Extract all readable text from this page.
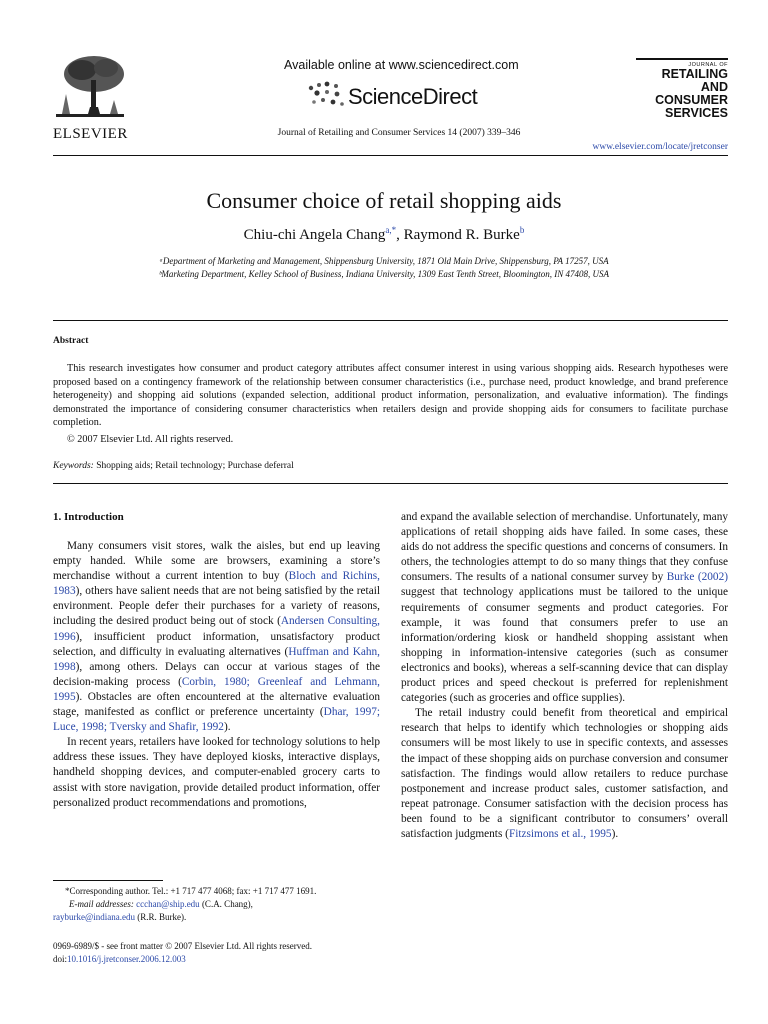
ELSEVIER
Available online at www.sciencedirect.com
ScienceDirect
Journal of Retailing and Consumer Services 14 (2007) 339–346
JOURNAL OF
RETAILING
AND
CONSUMER
SERVICES
www.elsevier.com/locate/jretconser
Consumer choice of retail shopping aids
Chiu-chi Angela Chang$^{a,*}$, Raymond R. Burke$^b$
ᵃDepartment of Marketing and Management, Shippensburg University, 1871 Old Main Drive, Shippensburg, PA 17257, USA
ᵇMarketing Department, Kelley School of Business, Indiana University, 1309 East Tenth Street, Bloomington, IN 47408, USA
Abstract
This research investigates how consumer and product category attributes affect consumer interest in using various shopping aids. Research hypotheses were proposed based on a contingency framework of the relationship between consumer characteristics (i.e., purchase need, product knowledge, and brand preference heterogeneity) and shopping aid solutions (expanded selection, additional product information, personalization, and evaluative information). The findings demonstrated the importance of considering consumer characteristics when retailers design and provide shopping aids for consumers to facilitate purchase completion.
© 2007 Elsevier Ltd. All rights reserved.
Keywords: Shopping aids; Retail technology; Purchase deferral
1. Introduction

Many consumers visit stores, walk the aisles, but end up leaving empty handed. While some are browsers, examining a store’s merchandise without a current intention to buy (Bloch and Richins, 1983), others have salient needs that are not being satisfied by the retail environment. People defer their purchases for a variety of reasons, including the desired product being out of stock (Andersen Consulting, 1996), insufficient product information, unsatisfactory product selection, and difficulty in evaluating alternatives (Huffman and Kahn, 1998), among others. Delays can occur at various stages of the decision-making process (Corbin, 1980; Greenleaf and Lehmann, 1995). Obstacles are often encountered at the alternative evaluation stage, manifested as conflict or preference uncertainty (Dhar, 1997; Luce, 1998; Tversky and Shafir, 1992).

In recent years, retailers have looked for technology solutions to help address these issues. They have deployed kiosks, interactive displays, handheld shopping devices, and computer-enabled grocery carts to assist with store navigation, provide detailed product information, offer personalized product recommendations and promotions,

and expand the available selection of merchandise. Unfortunately, many applications of retail shopping aids have failed. In some cases, these aids do not address the specific questions and concerns of consumers. In others, the technologies attempt to do so many things that they confuse consumers. The results of a national consumer survey by Burke (2002) suggest that technology applications must be tailored to the unique requirements of consumer segments and product categories. For example, it was found that consumers prefer to use an information/ordering kiosk or handheld shopping assistant when shopping in information-intensive categories (such as consumer electronics and books), whereas a self-scanning device that can display product prices and speed checkout is preferred for replenishment categories (such as groceries and office supplies).

The retail industry could benefit from theoretical and empirical research that helps to identify which technologies or shopping aids consumers will be most likely to use in specific contexts, and assesses the impact of these shopping aids on purchase conversion and consumer satisfaction. The findings would allow retailers to reduce purchase postponement and increase product sales, customer satisfaction, and repeat patronage. Consumer satisfaction with the decision process has been found to be a significant contributor to consumers’ overall satisfaction judgments (Fitzsimons et al., 1995).

*Corresponding author. Tel.: +1 717 477 4068; fax: +1 717 477 1691.
E-mail addresses: ccchan@ship.edu (C.A. Chang),
rayburke@indiana.edu (R.R. Burke).
0969-6989/$ - see front matter © 2007 Elsevier Ltd. All rights reserved.
doi:10.1016/j.jretconser.2006.12.003
